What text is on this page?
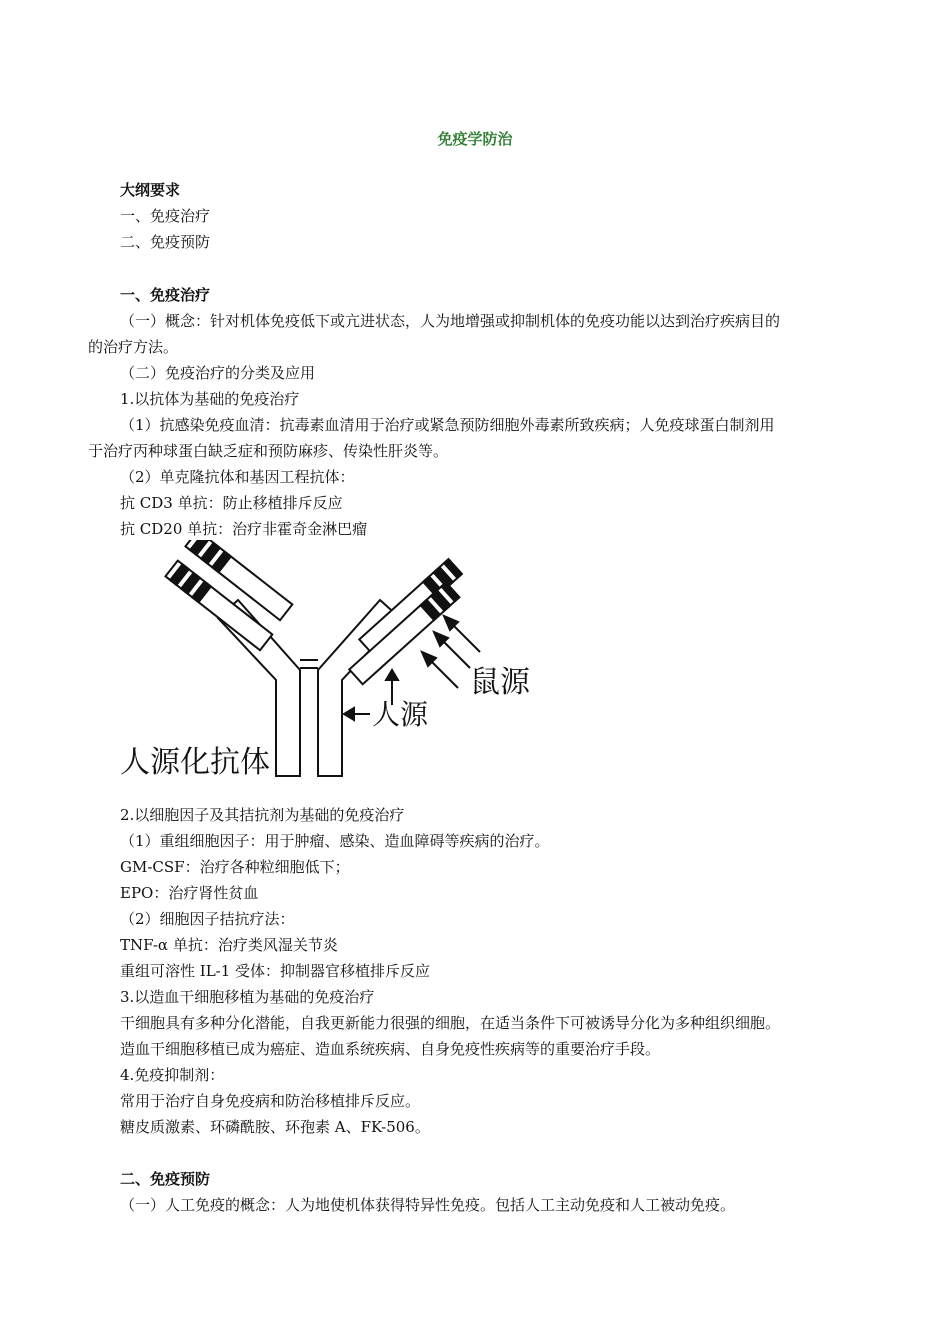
免疫学防治
大纲要求
一、免疫治疗
二、免疫预防
一、免疫治疗
（一）概念：针对机体免疫低下或亢进状态，人为地增强或抑制机体的免疫功能以达到治疗疾病目的
的治疗方法。
（二）免疫治疗的分类及应用
1.以抗体为基础的免疫治疗
（1）抗感染免疫血清：抗毒素血清用于治疗或紧急预防细胞外毒素所致疾病；人免疫球蛋白制剂用
于治疗丙种球蛋白缺乏症和预防麻疹、传染性肝炎等。
（2）单克隆抗体和基因工程抗体：
抗 CD3 单抗：防止移植排斥反应
抗 CD20 单抗：治疗非霍奇金淋巴瘤
人源
鼠源
人源化抗体
2.以细胞因子及其拮抗剂为基础的免疫治疗
（1）重组细胞因子：用于肿瘤、感染、造血障碍等疾病的治疗。
GM-CSF：治疗各种粒细胞低下；
EPO：治疗肾性贫血
（2）细胞因子拮抗疗法：
TNF-α 单抗：治疗类风湿关节炎
重组可溶性 IL-1 受体：抑制器官移植排斥反应
3.以造血干细胞移植为基础的免疫治疗
干细胞具有多种分化潜能，自我更新能力很强的细胞，在适当条件下可被诱导分化为多种组织细胞。
造血干细胞移植已成为癌症、造血系统疾病、自身免疫性疾病等的重要治疗手段。
4.免疫抑制剂：
常用于治疗自身免疫病和防治移植排斥反应。
糖皮质激素、环磷酰胺、环孢素 A、FK-506。
二、免疫预防
（一）人工免疫的概念：人为地使机体获得特异性免疫。包括人工主动免疫和人工被动免疫。
